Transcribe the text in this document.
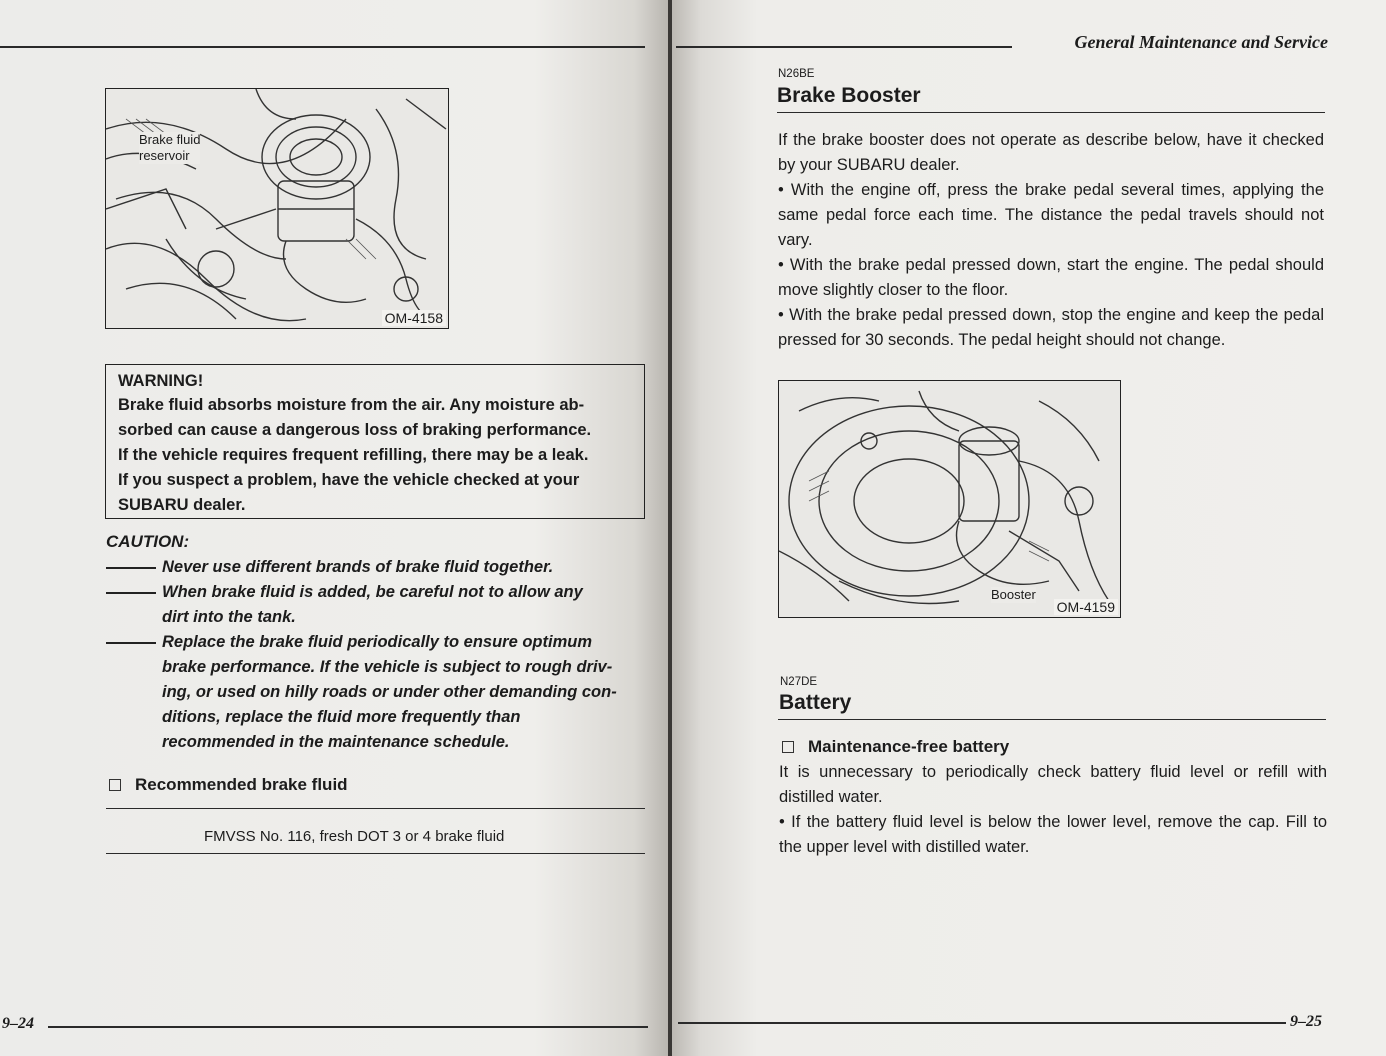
Brake fluid
reservoir
OM-4158
WARNING!
Brake fluid absorbs moisture from the air. Any moisture ab-
sorbed can cause a dangerous loss of braking performance.
If the vehicle requires frequent refilling, there may be a leak.
If you suspect a problem, have the vehicle checked at your
SUBARU dealer.
CAUTION:
Never use different brands of brake fluid together.
When brake fluid is added, be careful not to allow any
dirt into the tank.
Replace the brake fluid periodically to ensure optimum
brake performance. If the vehicle is subject to rough driv-
ing, or used on hilly roads or under other demanding con-
ditions, replace the fluid more frequently than
recommended in the maintenance schedule.
Recommended brake fluid
FMVSS No. 116, fresh DOT 3 or 4 brake fluid
9–24
General Maintenance and Service
N26BE
Brake Booster
If the brake booster does not operate as describe below, have it checked by your SUBARU dealer.
• With the engine off, press the brake pedal several times, applying the same pedal force each time. The distance the pedal travels should not vary.
• With the brake pedal pressed down, start the engine. The pedal should move slightly closer to the floor.
• With the brake pedal pressed down, stop the engine and keep the pedal pressed for 30 seconds. The pedal height should not change.
Booster
OM-4159
N27DE
Battery
Maintenance-free battery
It is unnecessary to periodically check battery fluid level or refill with distilled water.
• If the battery fluid level is below the lower level, remove the cap. Fill to the upper level with distilled water.
9–25
